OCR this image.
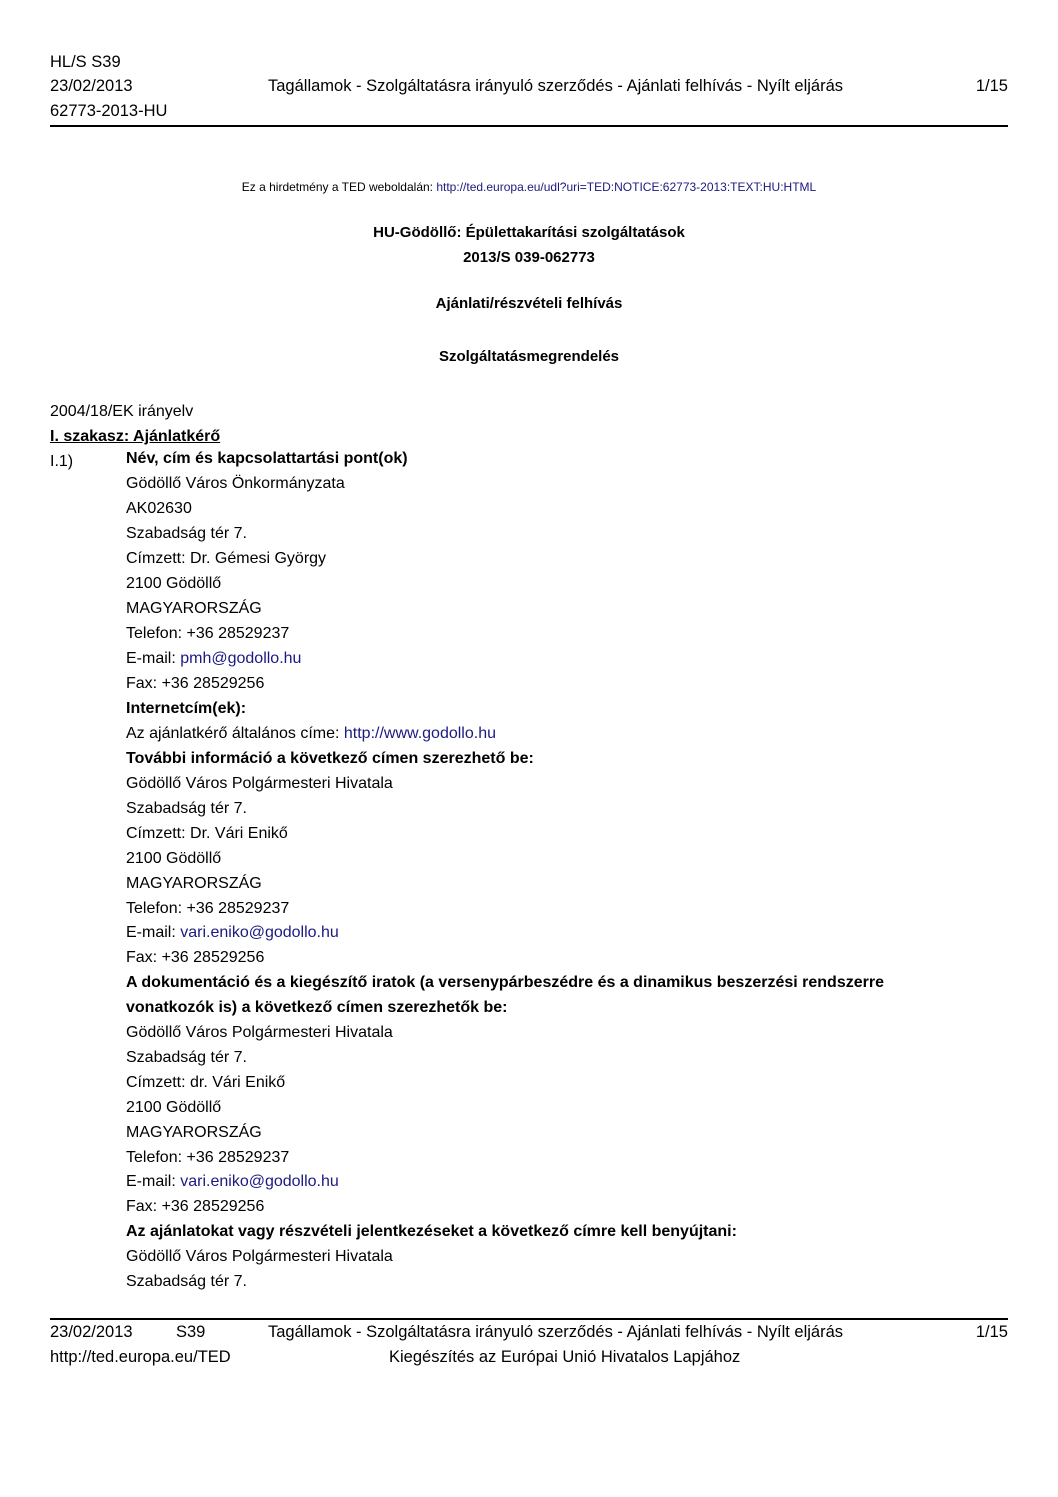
HL/S S39
23/02/2013
62773-2013-HU
Tagállamok - Szolgáltatásra irányuló szerződés - Ajánlati felhívás - Nyílt eljárás	1/15
Ez a hirdetmény a TED weboldalán: http://ted.europa.eu/udl?uri=TED:NOTICE:62773-2013:TEXT:HU:HTML
HU-Gödöllő: Épülettakarítási szolgáltatások
2013/S 039-062773
Ajánlati/részvételi felhívás
Szolgáltatásmegrendelés
2004/18/EK irányelv
I. szakasz: Ajánlatkérő
I.1)	Név, cím és kapcsolattartási pont(ok)
Gödöllő Város Önkormányzata
AK02630
Szabadság tér 7.
Címzett: Dr. Gémesi György
2100 Gödöllő
MAGYARORSZÁG
Telefon: +36 28529237
E-mail: pmh@godollo.hu
Fax: +36 28529256
Internetcím(ek):
Az ajánlatkérő általános címe: http://www.godollo.hu
További információ a következő címen szerezhető be:
Gödöllő Város Polgármesteri Hivatala
Szabadság tér 7.
Címzett: Dr. Vári Enikő
2100 Gödöllő
MAGYARORSZÁG
Telefon: +36 28529237
E-mail: vari.eniko@godollo.hu
Fax: +36 28529256
A dokumentáció és a kiegészítő iratok (a versenypárbeszédre és a dinamikus beszerzési rendszerre
vonatkozók is) a következő címen szerezhetők be:
Gödöllő Város Polgármesteri Hivatala
Szabadság tér 7.
Címzett: dr. Vári Enikő
2100 Gödöllő
MAGYARORSZÁG
Telefon: +36 28529237
E-mail: vari.eniko@godollo.hu
Fax: +36 28529256
Az ajánlatokat vagy részvételi jelentkezéseket a következő címre kell benyújtani:
Gödöllő Város Polgármesteri Hivatala
Szabadság tér 7.
23/02/2013	S39	Tagállamok - Szolgáltatásra irányuló szerződés - Ajánlati felhívás - Nyílt eljárás	1/15
http://ted.europa.eu/TED	Kiegészítés az Európai Unió Hivatalos Lapjához
